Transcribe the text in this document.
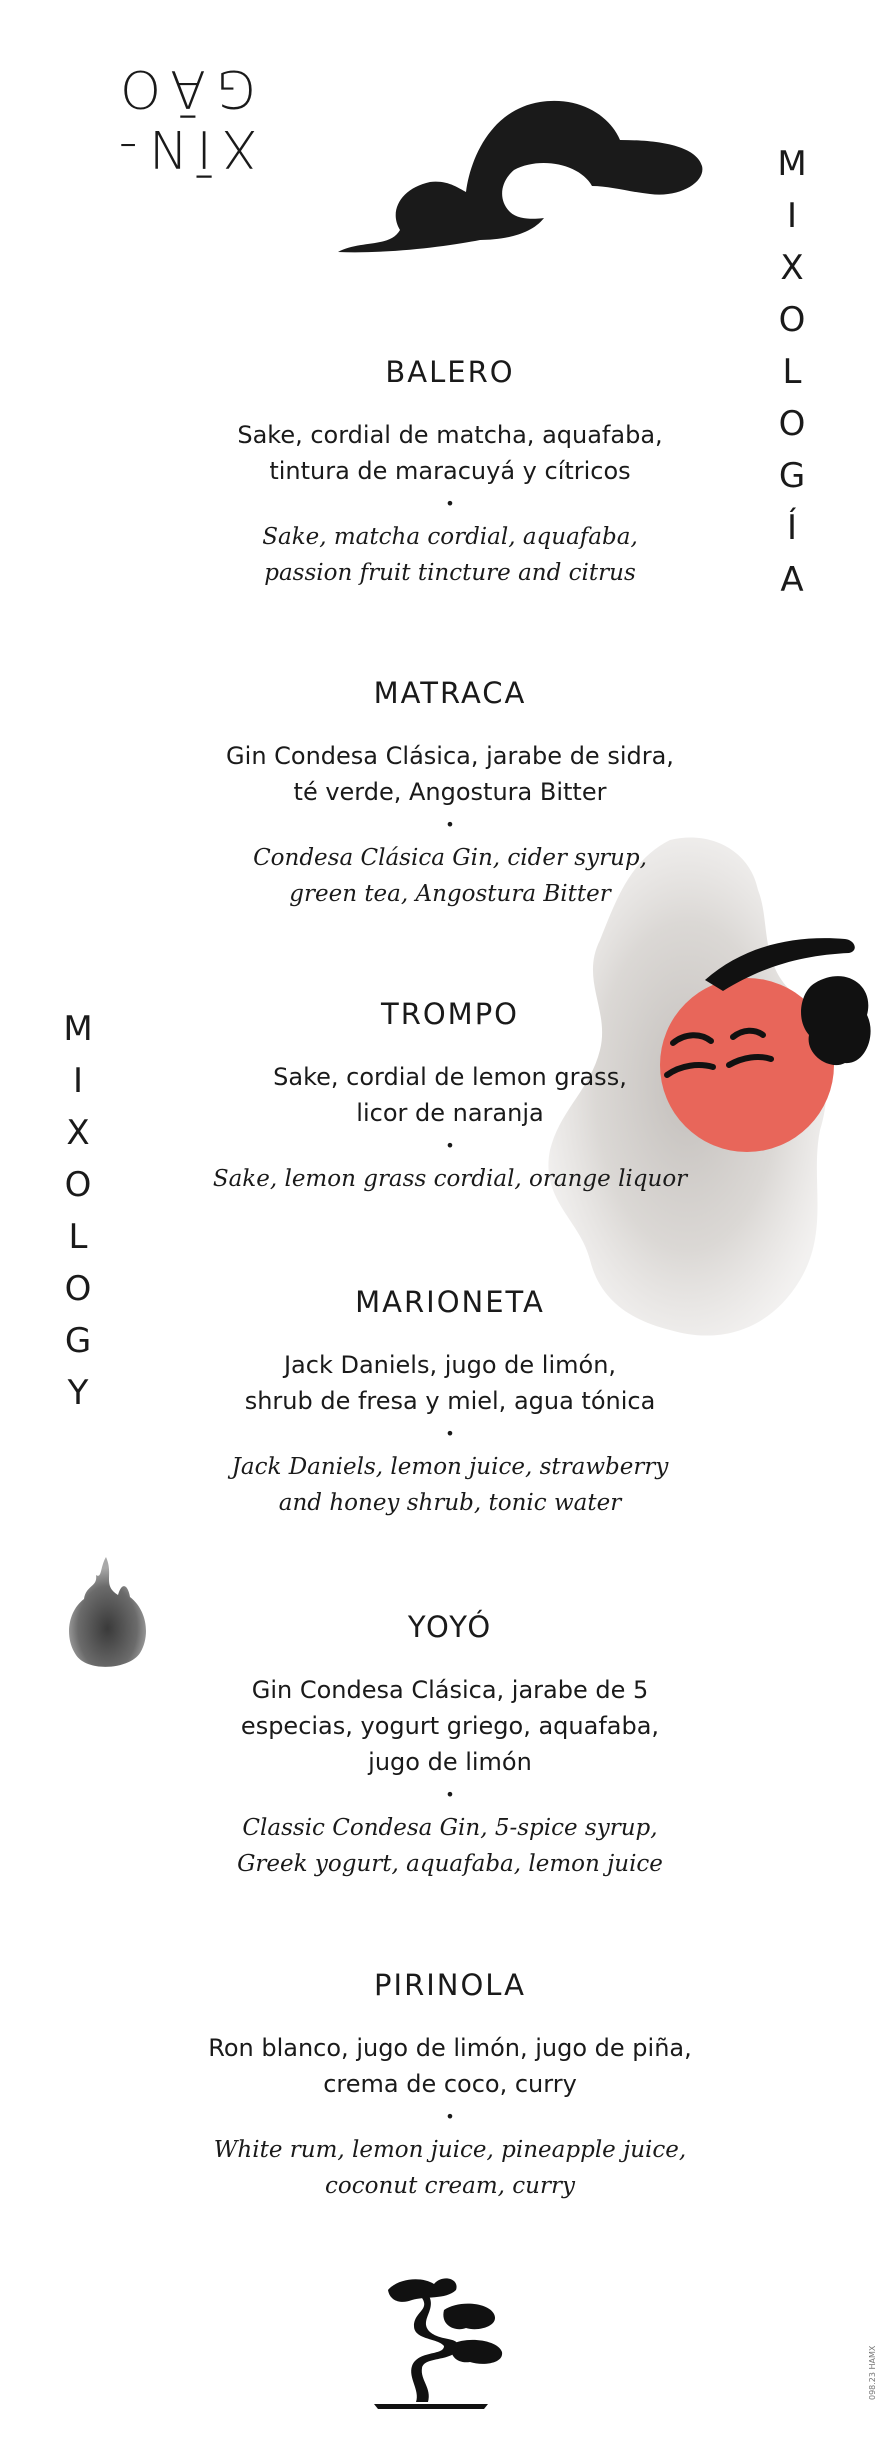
XĪN-GĀO
M
I
X
O
L
O
G
Í
A
M
I
X
O
L
O
G
Y
BALERO
Sake, cordial de matcha, aquafaba,
tintura de maracuyá y cítricos
•
Sake, matcha cordial, aquafaba,
passion fruit tincture and citrus
MATRACA
Gin Condesa Clásica, jarabe de sidra,
té verde, Angostura Bitter
•
Condesa Clásica Gin, cider syrup,
green tea, Angostura Bitter
TROMPO
Sake, cordial de lemon grass,
licor de naranja
•
Sake, lemon grass cordial, orange liquor
MARIONETA
Jack Daniels, jugo de limón,
shrub de fresa y miel, agua tónica
•
Jack Daniels, lemon juice, strawberry
and honey shrub, tonic water
YOYÓ
Gin Condesa Clásica, jarabe de 5
especias, yogurt griego, aquafaba,
jugo de limón
•
Classic Condesa Gin, 5-spice syrup,
Greek yogurt, aquafaba, lemon juice
PIRINOLA
Ron blanco, jugo de limón, jugo de piña,
crema de coco, curry
•
White rum, lemon juice, pineapple juice,
coconut cream, curry
098.23 HAMX
